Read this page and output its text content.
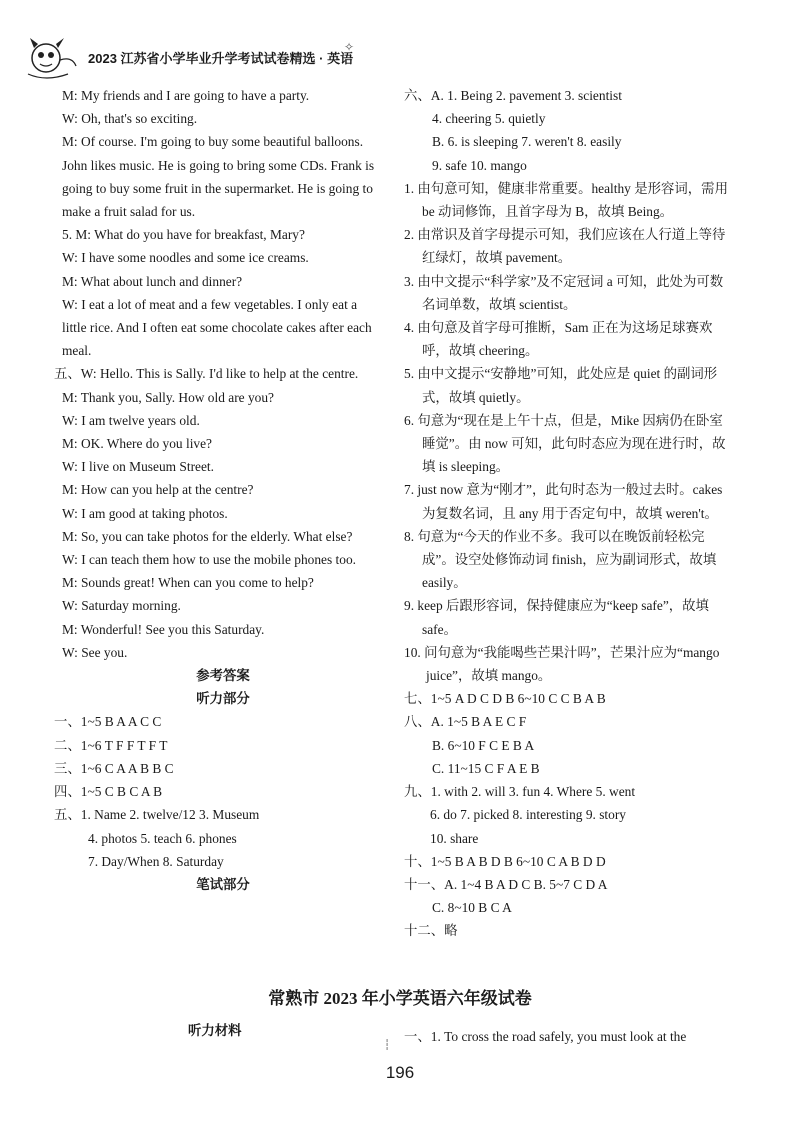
2023 江苏省小学毕业升学考试试卷精选 · 英语
✧
M: My friends and I are going to have a party.
W: Oh, that's so exciting.
M: Of course. I'm going to buy some beautiful balloons. John likes music. He is going to bring some CDs. Frank is going to buy some fruit in the supermarket. He is going to make a fruit salad for us.
5. M: What do you have for breakfast, Mary?
W: I have some noodles and some ice creams.
M: What about lunch and dinner?
W: I eat a lot of meat and a few vegetables. I only eat a little rice. And I often eat some chocolate cakes after each meal.
五、W: Hello. This is Sally. I'd like to help at the centre.
M: Thank you, Sally. How old are you?
W: I am twelve years old.
M: OK. Where do you live?
W: I live on Museum Street.
M: How can you help at the centre?
W: I am good at taking photos.
M: So, you can take photos for the elderly. What else?
W: I can teach them how to use the mobile phones too.
M: Sounds great! When can you come to help?
W: Saturday morning.
M: Wonderful! See you this Saturday.
W: See you.
参考答案
听力部分
一、1~5 B A A C C
二、1~6 T F F T F T
三、1~6 C A A B B C
四、1~5 C B C A B
五、1. Name 2. twelve/12 3. Museum
4. photos 5. teach 6. phones
7. Day/When 8. Saturday
笔试部分
六、A. 1. Being 2. pavement 3. scientist
4. cheering 5. quietly
B. 6. is sleeping 7. weren't 8. easily
9. safe 10. mango
1. 由句意可知，健康非常重要。healthy 是形容词，需用 be 动词修饰，且首字母为 B，故填 Being。
2. 由常识及首字母提示可知，我们应该在人行道上等待红绿灯，故填 pavement。
3. 由中文提示“科学家”及不定冠词 a 可知，此处为可数名词单数，故填 scientist。
4. 由句意及首字母可推断，Sam 正在为这场足球赛欢呼，故填 cheering。
5. 由中文提示“安静地”可知，此处应是 quiet 的副词形式，故填 quietly。
6. 句意为“现在是上午十点，但是，Mike 因病仍在卧室睡觉”。由 now 可知，此句时态应为现在进行时，故填 is sleeping。
7. just now 意为“刚才”，此句时态为一般过去时。cakes 为复数名词，且 any 用于否定句中，故填 weren't。
8. 句意为“今天的作业不多。我可以在晚饭前轻松完成”。设空处修饰动词 finish，应为副词形式，故填 easily。
9. keep 后跟形容词，保持健康应为“keep safe”，故填 safe。
10. 问句意为“我能喝些芒果汁吗”，芒果汁应为“mango juice”，故填 mango。
七、1~5 A D C D B 6~10 C C B A B
八、A. 1~5 B A E C F
B. 6~10 F C E B A
C. 11~15 C F A E B
九、1. with 2. will 3. fun 4. Where 5. went
6. do 7. picked 8. interesting 9. story
10. share
十、1~5 B A B D B 6~10 C A B D D
十一、A. 1~4 B A D C B. 5~7 C D A
C. 8~10 B C A
十二、略
常熟市 2023 年小学英语六年级试卷
听力材料	一、1. To cross the road safely, you must look at the
┆
196
